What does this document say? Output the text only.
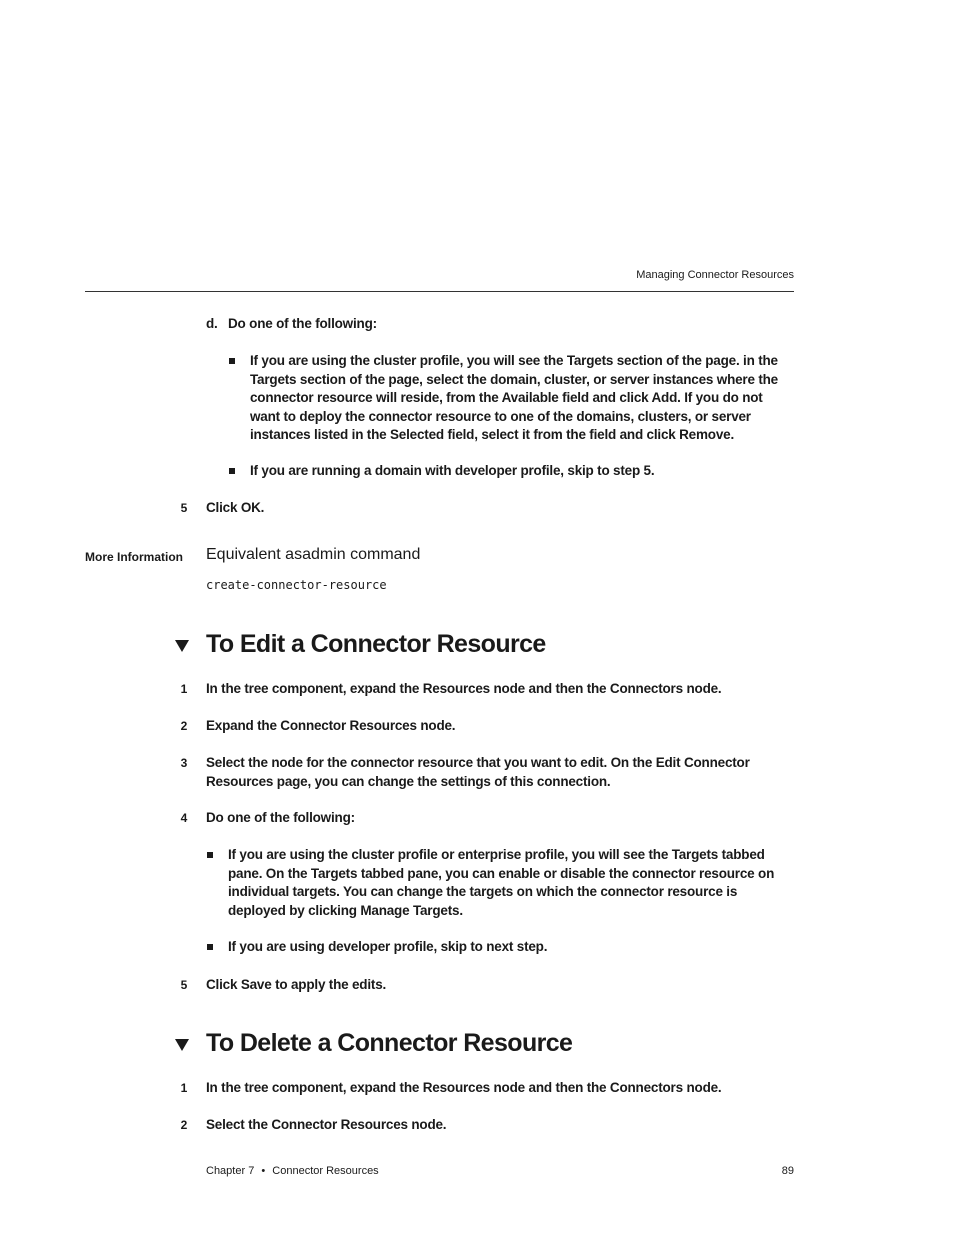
Managing Connector Resources
d. Do one of the following:
If you are using the cluster profile, you will see the Targets section of the page. in the Targets section of the page, select the domain, cluster, or server instances where the connector resource will reside, from the Available field and click Add. If you do not want to deploy the connector resource to one of the domains, clusters, or server instances listed in the Selected field, select it from the field and click Remove.
If you are running a domain with developer profile, skip to step 5.
5 Click OK.
More Information Equivalent asadmin command
create-connector-resource
To Edit a Connector Resource
1 In the tree component, expand the Resources node and then the Connectors node.
2 Expand the Connector Resources node.
3 Select the node for the connector resource that you want to edit. On the Edit Connector Resources page, you can change the settings of this connection.
4 Do one of the following:
If you are using the cluster profile or enterprise profile, you will see the Targets tabbed pane. On the Targets tabbed pane, you can enable or disable the connector resource on individual targets. You can change the targets on which the connector resource is deployed by clicking Manage Targets.
If you are using developer profile, skip to next step.
5 Click Save to apply the edits.
To Delete a Connector Resource
1 In the tree component, expand the Resources node and then the Connectors node.
2 Select the Connector Resources node.
Chapter 7 • Connector Resources	89
